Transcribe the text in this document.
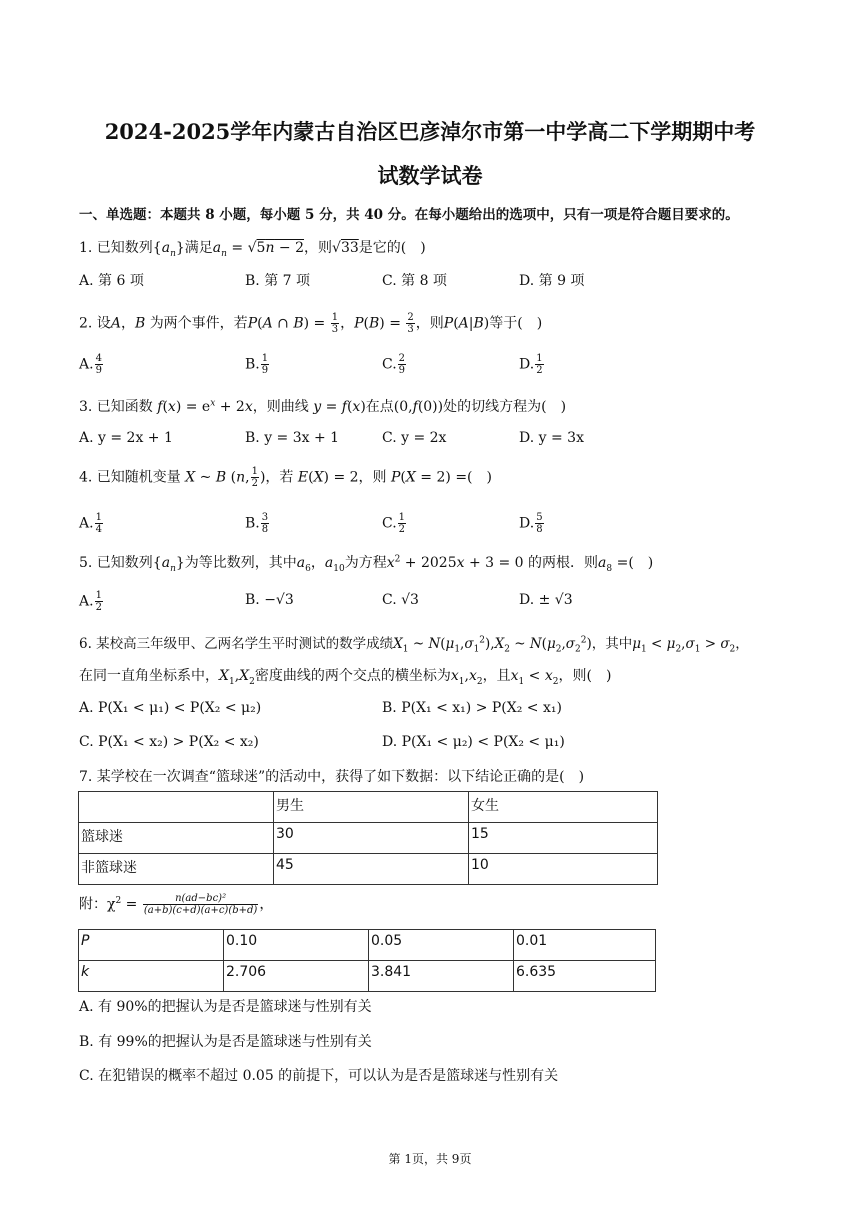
2024-2025学年内蒙古自治区巴彦淖尔市第一中学高二下学期期中考
试数学试卷
一、单选题：本题共 8 小题，每小题 5 分，共 40 分。在每小题给出的选项中，只有一项是符合题目要求的。
1. 已知数列$\{a_n\}$满足$a_n = √5n - 2$，则√33是它的(　)
A. 第 6 项	B. 第 7 项	C. 第 8 项	D. 第 9 项
2. 设A，B 为两个事件，若P(A ∩ $B) = \frac{1}{3}$ ，$P(B) = \frac{2}{3}$ ，则P(A|B)等于(　)
A. $\frac{4}{9}$	B. $\frac{1}{9}$	C. $\frac{2}{9}$	D. $\frac{1}{2}$
3. 已知函数 $f(x) = e^x + 2x$，则曲线 y = f(x)在点(0,f(0))处的切线方程为(　)
A. y = 2x + 1	B. y = 3x + 1	C. y = 2x	D. y = 3x
4. 已知随机变量 X ~ B (n, $\frac{1}{2}$ )，若 E(X) = 2，则 P(X = 2) =(　)
A. $\frac{1}{4}$	B. $\frac{3}{8}$	C. $\frac{1}{2}$	D. $\frac{5}{8}$
5. 已知数列$\{a_n\}$为等比数列，其中$a_6$，$a_{10}$为方程$x^2 + 2025x + 3 = 0$ 的两根．则$a_8$ =(　)
A. $\frac{1}{2}$	B. −√3	C. √3	D. ± √3
6. 某校高三年级甲、乙两名学生平时测试的数学成绩$X_1$ ~ $N(\mu_1,\sigma_1^2),X_2$ ~ $N(\mu_2,\sigma_2^2)$，其中$\mu_1 < \mu_2,\sigma_1 > \sigma_2$，
在同一直角坐标系中，$X_1,X_2$密度曲线的两个交点的横坐标为$x_1,x_2$，且$x_1 < x_2$，则(　)
A. P(X₁ < μ₁) < P(X₂ < μ₂)	B. P(X₁ < x₁) > P(X₂ < x₁)
C. P(X₁ < x₂) > P(X₂ < x₂)	D. P(X₁ < μ₂) < P(X₂ < μ₁)
7. 某学校在一次调查“篮球迷”的活动中，获得了如下数据：以下结论正确的是(　)
	男生	女生
篮球迷	30	15
非篮球迷	45	10
附：$\chi^2 = \frac{\text{n(ad−bc)²}}{(a+b)(c+d)(a+c)(b+d)}$ ，
P	0.10	0.05	0.01
k	2.706	3.841	6.635
A. 有 90%的把握认为是否是篮球迷与性别有关
B. 有 99%的把握认为是否是篮球迷与性别有关
C. 在犯错误的概率不超过 0.05 的前提下，可以认为是否是篮球迷与性别有关
第 1页，共 9页
